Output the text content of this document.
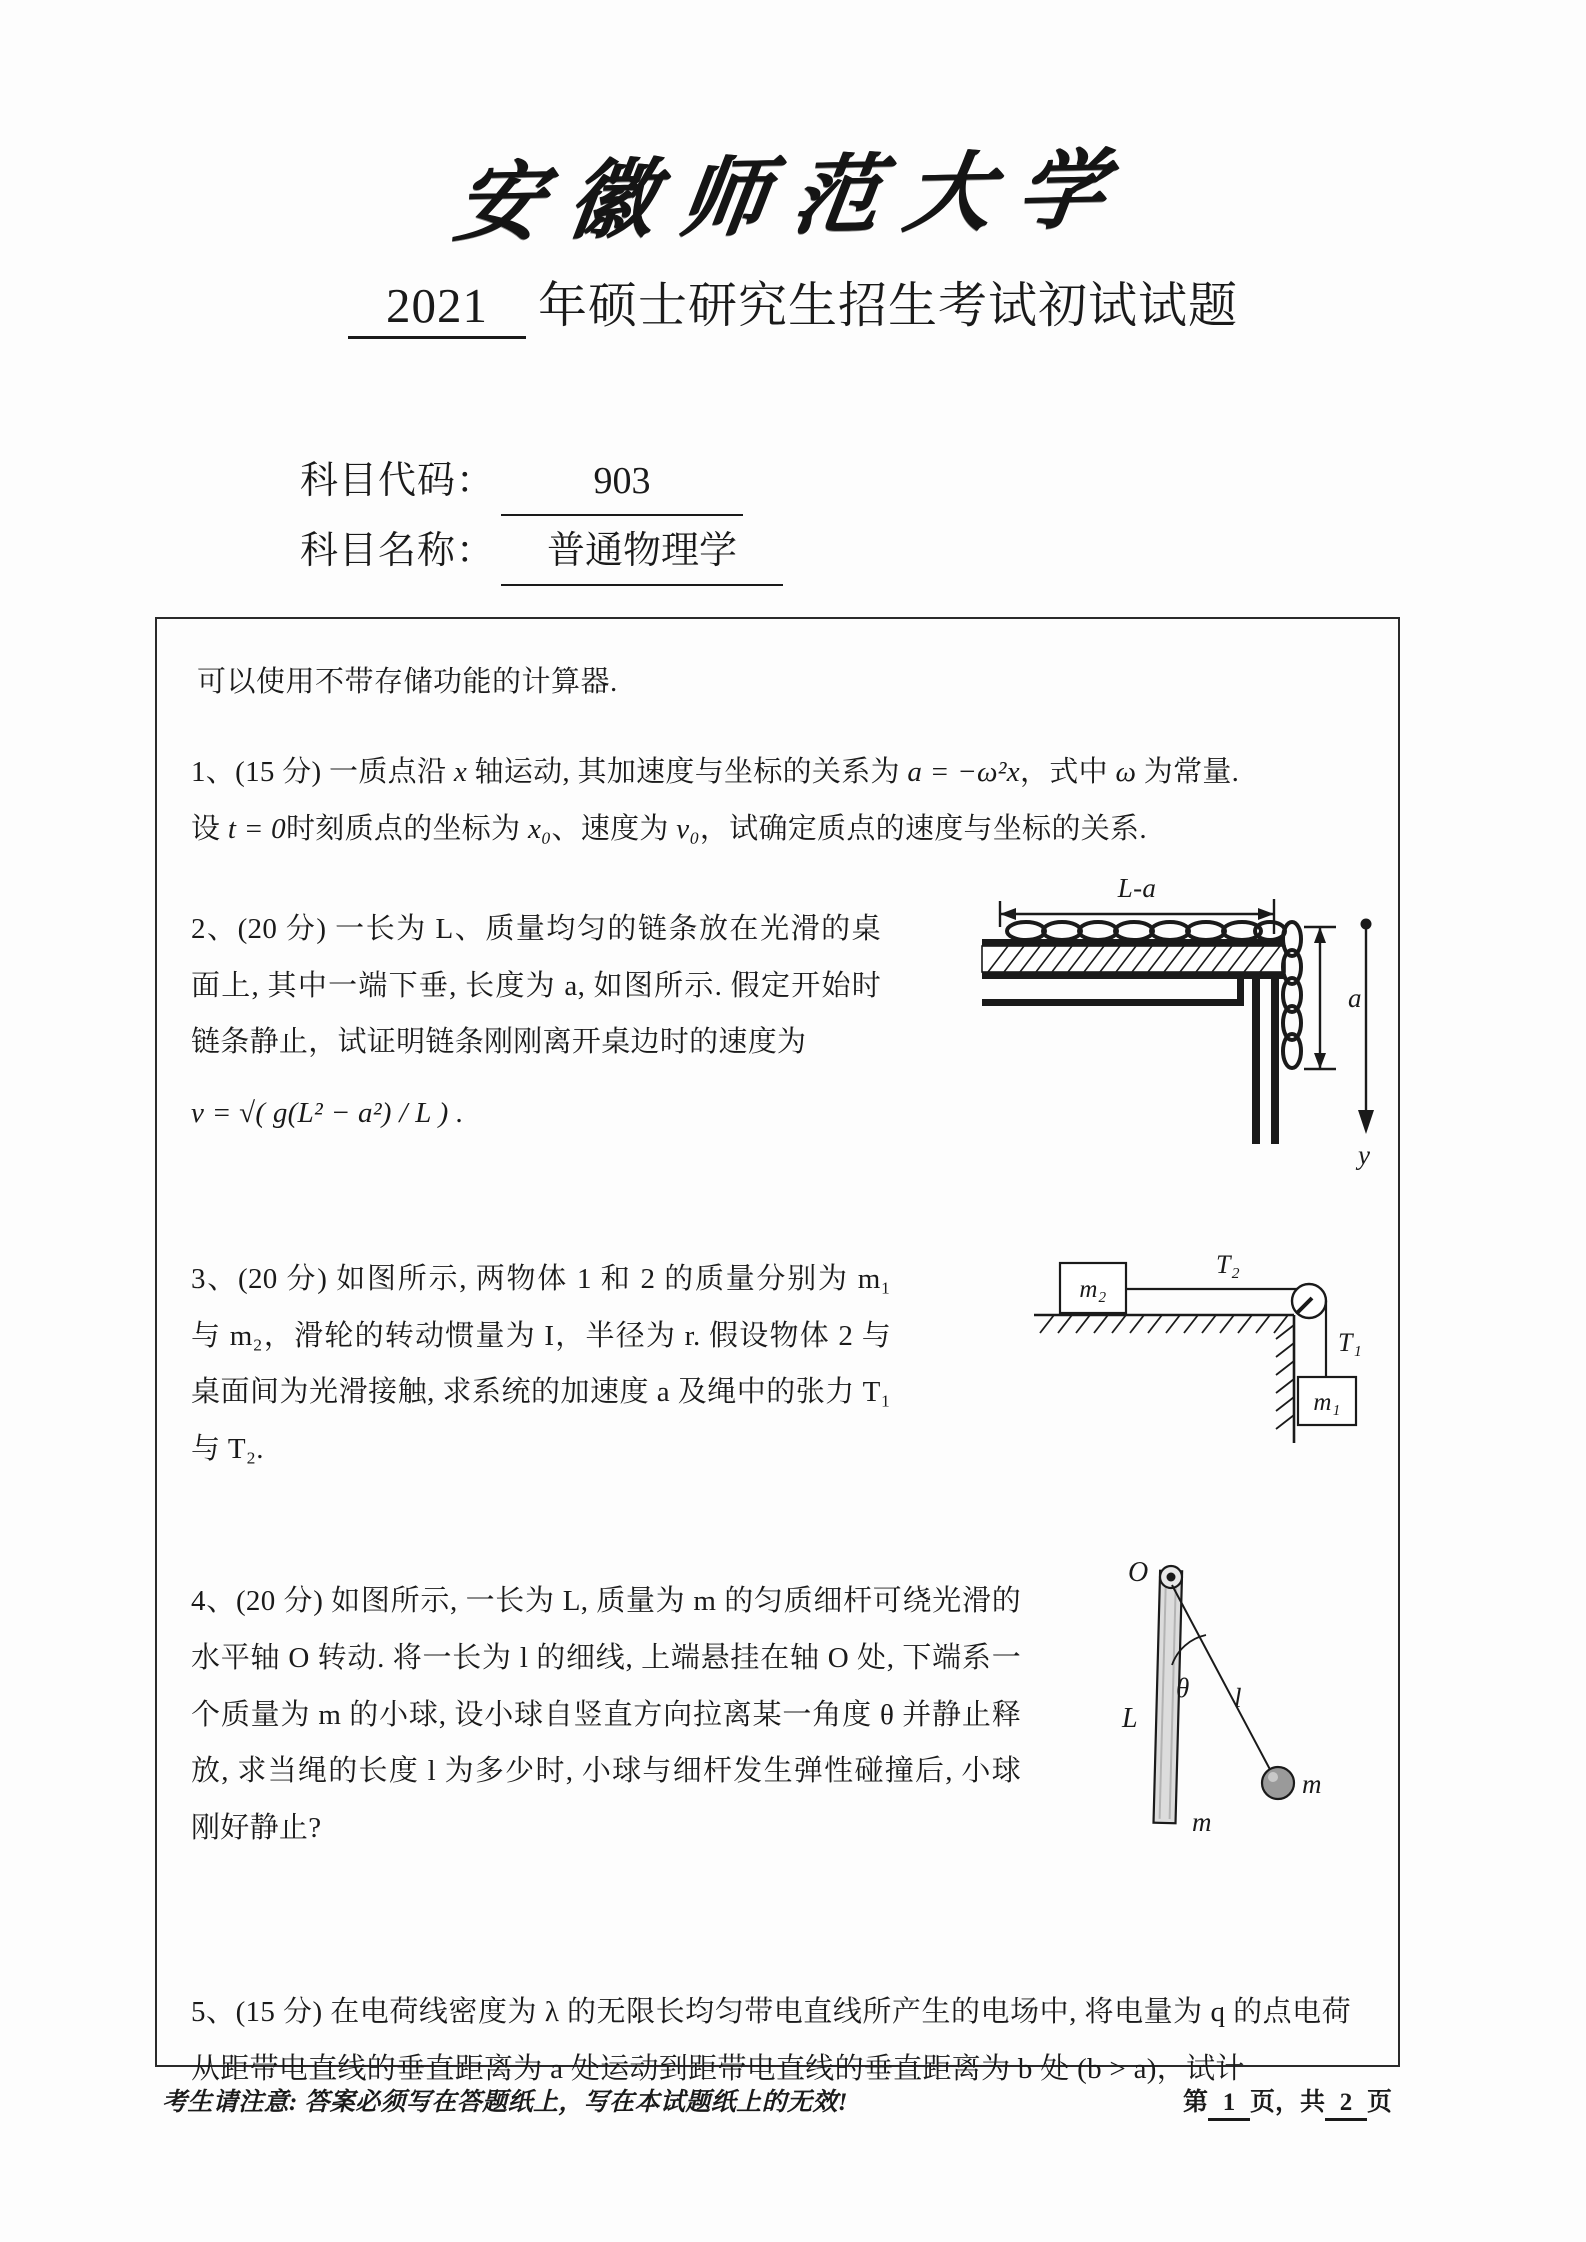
安徽师范大学
2021	年硕士研究生招生考试初试试题
科目代码：	903
科目名称：	普通物理学
可以使用不带存储功能的计算器.

1、(15 分) 一质点沿 x 轴运动, 其加速度与坐标的关系为 a = −ω²x，式中 ω 为常量.

设 t = 0时刻质点的坐标为 x₀、速度为 v₀，试确定质点的速度与坐标的关系.

2、(20 分) 一长为 L、质量均匀的链条放在光滑的桌面上, 其中一端下垂, 长度为 a, 如图所示. 假定开始时链条静止，试证明链条刚刚离开桌边时的速度为

v = √( g(L² − a²) / L ) .

L-a
a
y

3、(20 分) 如图所示, 两物体 1 和 2 的质量分别为 m₁ 与 m₂，滑轮的转动惯量为 I，半径为 r. 假设物体 2 与桌面间为光滑接触, 求系统的加速度 a 及绳中的张力 T₁ 与 T₂.

m₂
T₂
T₁
m₁

4、(20 分) 如图所示, 一长为 L, 质量为 m 的匀质细杆可绕光滑的水平轴 O 转动. 将一长为 l 的细线, 上端悬挂在轴 O 处, 下端系一个质量为 m 的小球, 设小球自竖直方向拉离某一角度 θ 并静止释放, 求当绳的长度 l 为多少时, 小球与细杆发生弹性碰撞后, 小球刚好静止?

O
θ l
m
L
m

5、(15 分) 在电荷线密度为 λ 的无限长均匀带电直线所产生的电场中, 将电量为 q 的点电荷从距带电直线的垂直距离为 a 处运动到距带电直线的垂直距离为 b 处 (b > a)，试计

考生请注意: 答案必须写在答题纸上，写在本试题纸上的无效!	第 1 页，共 2 页
